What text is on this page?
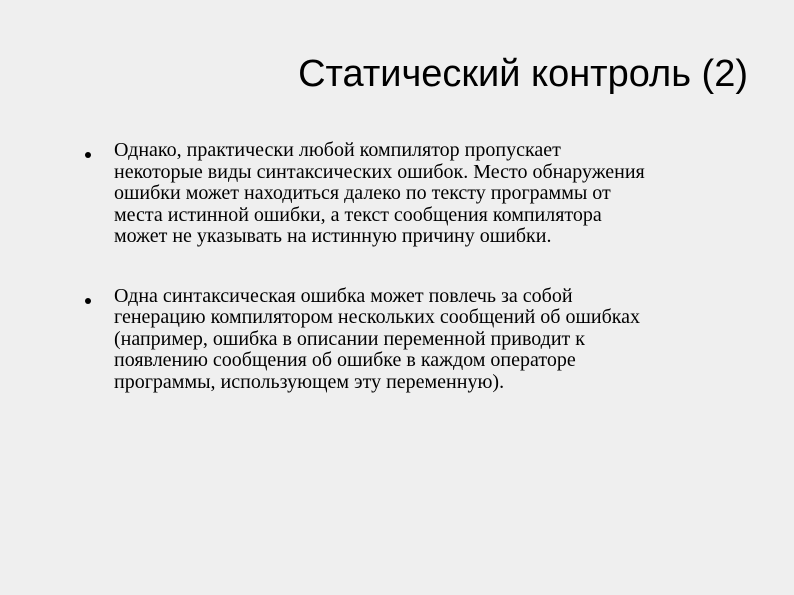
Статический контроль (2)
Однако, практически любой компилятор пропускает
некоторые виды синтаксических ошибок. Место обнаружения
ошибки может находиться далеко по тексту программы от
места истинной ошибки, а текст сообщения компилятора
может не указывать на истинную причину ошибки.
Одна синтаксическая ошибка может повлечь за собой
генерацию компилятором нескольких сообщений об ошибках
(например, ошибка в описании переменной приводит к
появлению сообщения об ошибке в каждом операторе
программы, использующем эту переменную).
